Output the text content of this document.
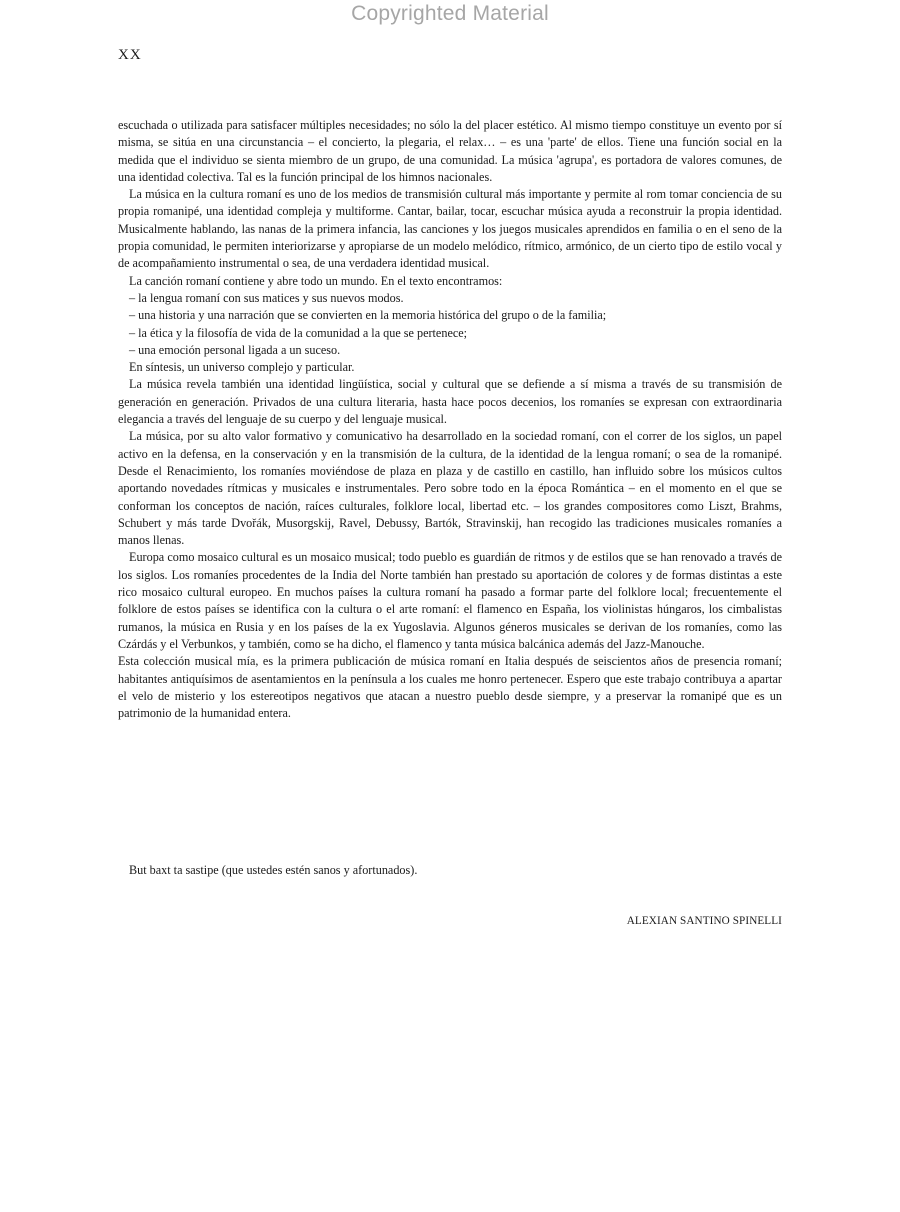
Copyrighted Material
XX

escuchada o utilizada para satisfacer múltiples necesidades; no sólo la del placer estético. Al mismo tiempo constituye un evento por sí misma, se sitúa en una circunstancia – el concierto, la plegaria, el relax… – es una 'parte' de ellos. Tiene una función social en la medida que el individuo se sienta miembro de un grupo, de una comunidad. La música 'agrupa', es portadora de valores comunes, de una identidad colectiva. Tal es la función principal de los himnos nacionales.

La música en la cultura romaní es uno de los medios de transmisión cultural más importante y permite al rom tomar conciencia de su propia romanipé, una identidad compleja y multiforme. Cantar, bailar, tocar, escuchar música ayuda a reconstruir la propia identidad. Musicalmente hablando, las nanas de la primera infancia, las canciones y los juegos musicales aprendidos en familia o en el seno de la propia comunidad, le permiten interiorizarse y apropiarse de un modelo melódico, rítmico, armónico, de un cierto tipo de estilo vocal y de acompañamiento instrumental o sea, de una verdadera identidad musical.

La canción romaní contiene y abre todo un mundo. En el texto encontramos:

– la lengua romaní con sus matices y sus nuevos modos.

– una historia y una narración que se convierten en la memoria histórica del grupo o de la familia;

– la ética y la filosofía de vida de la comunidad a la que se pertenece;

– una emoción personal ligada a un suceso.

En síntesis, un universo complejo y particular.

La música revela también una identidad lingüística, social y cultural que se defiende a sí misma a través de su transmisión de generación en generación. Privados de una cultura literaria, hasta hace pocos decenios, los romaníes se expresan con extraordinaria elegancia a través del lenguaje de su cuerpo y del lenguaje musical.

La música, por su alto valor formativo y comunicativo ha desarrollado en la sociedad romaní, con el correr de los siglos, un papel activo en la defensa, en la conservación y en la transmisión de la cultura, de la identidad de la lengua romaní; o sea de la romanipé. Desde el Renacimiento, los romaníes moviéndose de plaza en plaza y de castillo en castillo, han influido sobre los músicos cultos aportando novedades rítmicas y musicales e instrumentales. Pero sobre todo en la época Romántica – en el momento en el que se conforman los conceptos de nación, raíces culturales, folklore local, libertad etc. – los grandes compositores como Liszt, Brahms, Schubert y más tarde Dvořák, Musorgskij, Ravel, Debussy, Bartók, Stravinskij, han recogido las tradiciones musicales romaníes a manos llenas.

Europa como mosaico cultural es un mosaico musical; todo pueblo es guardián de ritmos y de estilos que se han renovado a través de los siglos. Los romaníes procedentes de la India del Norte también han prestado su aportación de colores y de formas distintas a este rico mosaico cultural europeo. En muchos países la cultura romaní ha pasado a formar parte del folklore local; frecuentemente el folklore de estos países se identifica con la cultura o el arte romaní: el flamenco en España, los violinistas húngaros, los cimbalistas rumanos, la música en Rusia y en los países de la ex Yugoslavia. Algunos géneros musicales se derivan de los romaníes, como las Czárdás y el Verbunkos, y también, como se ha dicho, el flamenco y tanta música balcánica además del Jazz-Manouche.

Esta colección musical mía, es la primera publicación de música romaní en Italia después de seiscientos años de presencia romaní; habitantes antiquísimos de asentamientos en la península a los cuales me honro pertenecer. Espero que este trabajo contribuya a apartar el velo de misterio y los estereotipos negativos que atacan a nuestro pueblo desde siempre, y a preservar la romanipé que es un patrimonio de la humanidad entera.

But baxt ta sastipe (que ustedes estén sanos y afortunados).
ALEXIAN SANTINO SPINELLI
